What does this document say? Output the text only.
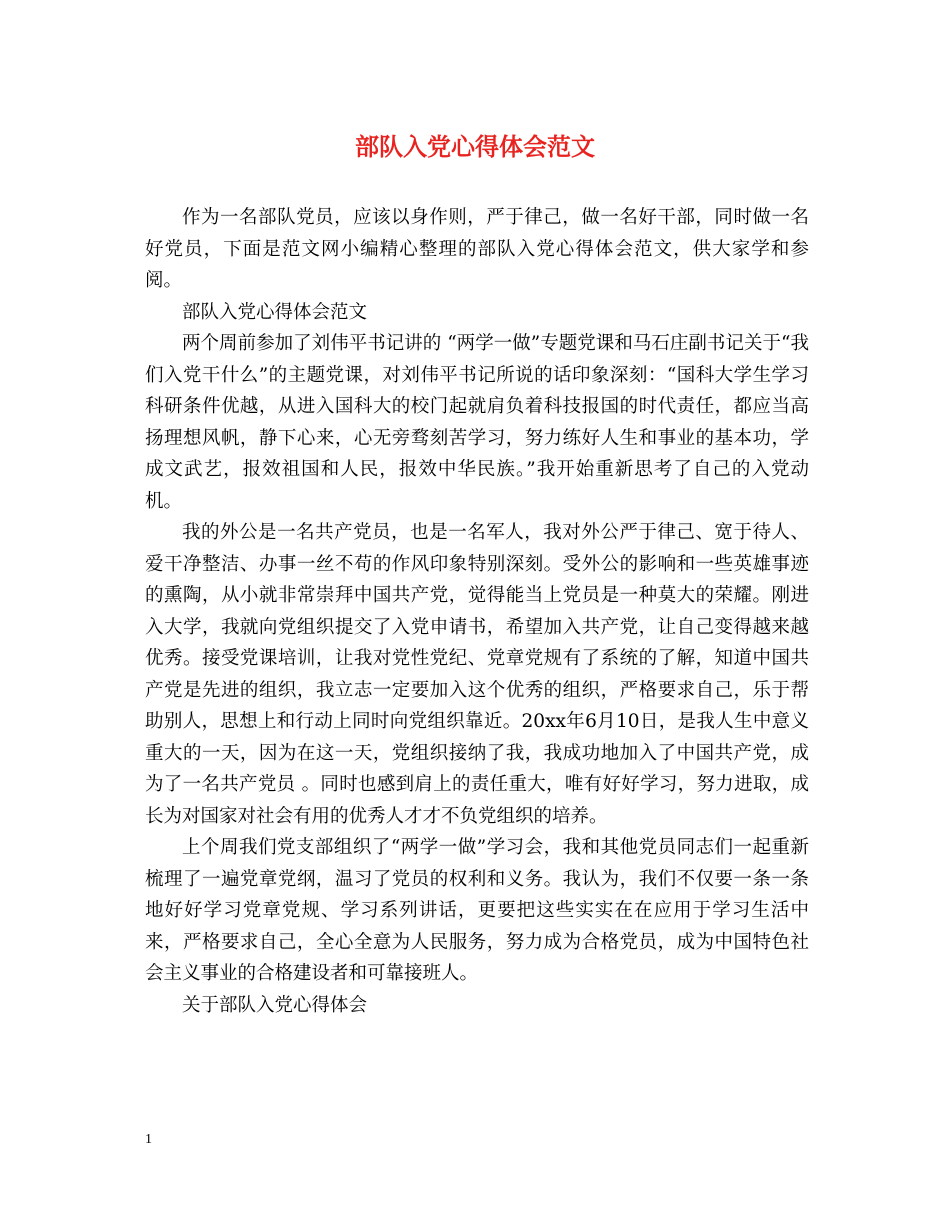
部队入党心得体会范文

作为一名部队党员，应该以身作则，严于律己，做一名好干部，同时做一名好党员，下面是范文网小编精心整理的部队入党心得体会范文，供大家学和参阅。

部队入党心得体会范文

两个周前参加了刘伟平书记讲的 “两学一做”专题党课和马石庄副书记关于“我们入党干什么”的主题党课，对刘伟平书记所说的话印象深刻：“国科大学生学习科研条件优越，从进入国科大的校门起就肩负着科技报国的时代责任，都应当高扬理想风帆，静下心来，心无旁骛刻苦学习，努力练好人生和事业的基本功，学成文武艺，报效祖国和人民，报效中华民族。”我开始重新思考了自己的入党动机。

我的外公是一名共产党员，也是一名军人，我对外公严于律己、宽于待人、爱干净整洁、办事一丝不苟的作风印象特别深刻。受外公的影响和一些英雄事迹的熏陶，从小就非常崇拜中国共产党，觉得能当上党员是一种莫大的荣耀。刚进入大学，我就向党组织提交了入党申请书，希望加入共产党，让自己变得越来越优秀。接受党课培训，让我对党性党纪、党章党规有了系统的了解，知道中国共产党是先进的组织，我立志一定要加入这个优秀的组织，严格要求自己，乐于帮助别人，思想上和行动上同时向党组织靠近。20xx年6月10日，是我人生中意义重大的一天，因为在这一天，党组织接纳了我，我成功地加入了中国共产党，成为了一名共产党员 。同时也感到肩上的责任重大，唯有好好学习，努力进取，成长为对国家对社会有用的优秀人才才不负党组织的培养。

上个周我们党支部组织了“两学一做”学习会，我和其他党员同志们一起重新梳理了一遍党章党纲，温习了党员的权利和义务。我认为，我们不仅要一条一条地好好学习党章党规、学习系列讲话，更要把这些实实在在应用于学习生活中来，严格要求自己，全心全意为人民服务，努力成为合格党员，成为中国特色社会主义事业的合格建设者和可靠接班人。

关于部队入党心得体会

1
